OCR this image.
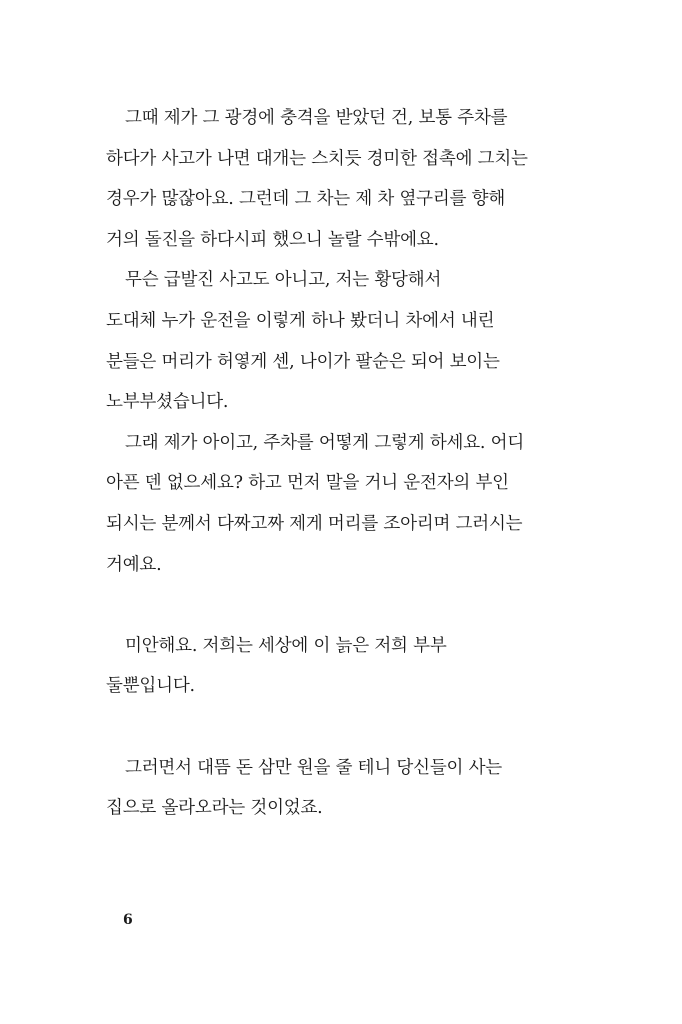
그때 제가 그 광경에 충격을 받았던 건, 보통 주차를
하다가 사고가 나면 대개는 스치듯 경미한 접촉에 그치는
경우가 많잖아요. 그런데 그 차는 제 차 옆구리를 향해
거의 돌진을 하다시피 했으니 놀랄 수밖에요.
무슨 급발진 사고도 아니고, 저는 황당해서
도대체 누가 운전을 이렇게 하나 봤더니 차에서 내린
분들은 머리가 허옇게 센, 나이가 팔순은 되어 보이는
노부부셨습니다.
그래 제가 아이고, 주차를 어떻게 그렇게 하세요. 어디
아픈 덴 없으세요? 하고 먼저 말을 거니 운전자의 부인
되시는 분께서 다짜고짜 제게 머리를 조아리며 그러시는
거예요.
미안해요. 저희는 세상에 이 늙은 저희 부부
둘뿐입니다.
그러면서 대뜸 돈 삼만 원을 줄 테니 당신들이 사는
집으로 올라오라는 것이었죠.
6
